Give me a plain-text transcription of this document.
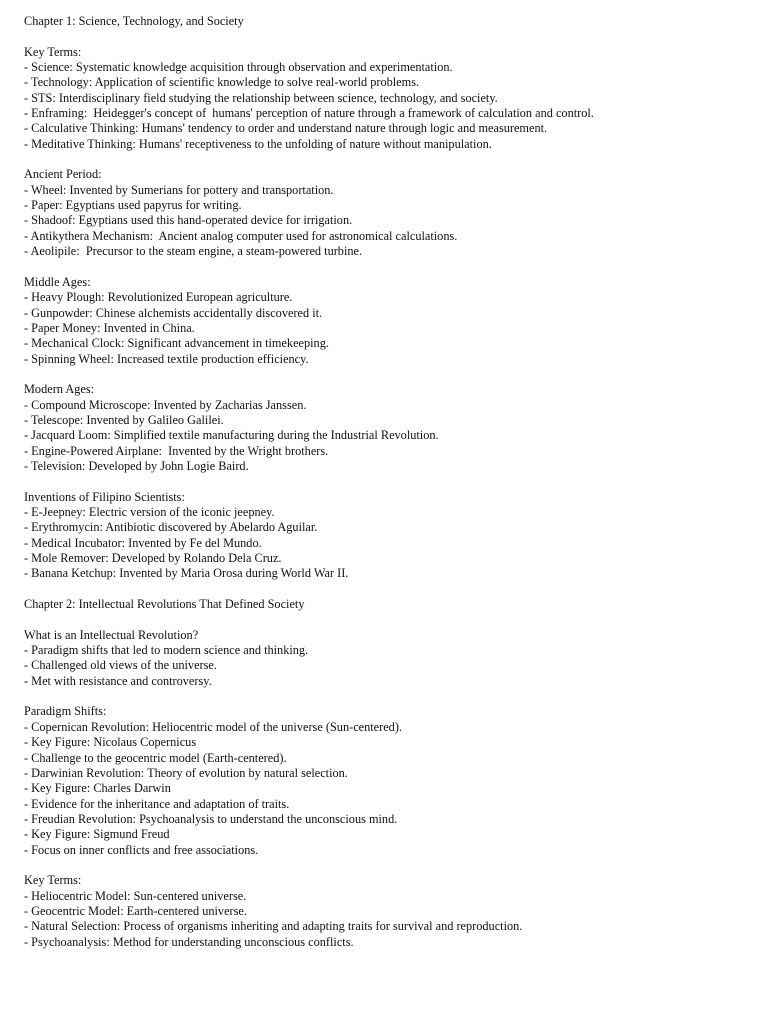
Chapter 1: Science, Technology, and Society
Key Terms:
- Science: Systematic knowledge acquisition through observation and experimentation.
- Technology: Application of scientific knowledge to solve real-world problems.
- STS: Interdisciplinary field studying the relationship between science, technology, and society.
- Enframing:  Heidegger's concept of  humans' perception of nature through a framework of calculation and control.
- Calculative Thinking: Humans' tendency to order and understand nature through logic and measurement.
- Meditative Thinking: Humans' receptiveness to the unfolding of nature without manipulation.
Ancient Period:
- Wheel: Invented by Sumerians for pottery and transportation.
- Paper: Egyptians used papyrus for writing.
- Shadoof: Egyptians used this hand-operated device for irrigation.
- Antikythera Mechanism:  Ancient analog computer used for astronomical calculations.
- Aeolipile:  Precursor to the steam engine, a steam-powered turbine.
Middle Ages:
- Heavy Plough: Revolutionized European agriculture.
- Gunpowder: Chinese alchemists accidentally discovered it.
- Paper Money: Invented in China.
- Mechanical Clock: Significant advancement in timekeeping.
- Spinning Wheel: Increased textile production efficiency.
Modern Ages:
- Compound Microscope: Invented by Zacharias Janssen.
- Telescope: Invented by Galileo Galilei.
- Jacquard Loom: Simplified textile manufacturing during the Industrial Revolution.
- Engine-Powered Airplane:  Invented by the Wright brothers.
- Television: Developed by John Logie Baird.
Inventions of Filipino Scientists:
- E-Jeepney: Electric version of the iconic jeepney.
- Erythromycin: Antibiotic discovered by Abelardo Aguilar.
- Medical Incubator: Invented by Fe del Mundo.
- Mole Remover: Developed by Rolando Dela Cruz.
- Banana Ketchup: Invented by Maria Orosa during World War II.
Chapter 2: Intellectual Revolutions That Defined Society
What is an Intellectual Revolution?
- Paradigm shifts that led to modern science and thinking.
- Challenged old views of the universe.
- Met with resistance and controversy.
Paradigm Shifts:
- Copernican Revolution: Heliocentric model of the universe (Sun-centered).
- Key Figure: Nicolaus Copernicus
- Challenge to the geocentric model (Earth-centered).
- Darwinian Revolution: Theory of evolution by natural selection.
- Key Figure: Charles Darwin
- Evidence for the inheritance and adaptation of traits.
- Freudian Revolution: Psychoanalysis to understand the unconscious mind.
- Key Figure: Sigmund Freud
- Focus on inner conflicts and free associations.
Key Terms:
- Heliocentric Model: Sun-centered universe.
- Geocentric Model: Earth-centered universe.
- Natural Selection: Process of organisms inheriting and adapting traits for survival and reproduction.
- Psychoanalysis: Method for understanding unconscious conflicts.
